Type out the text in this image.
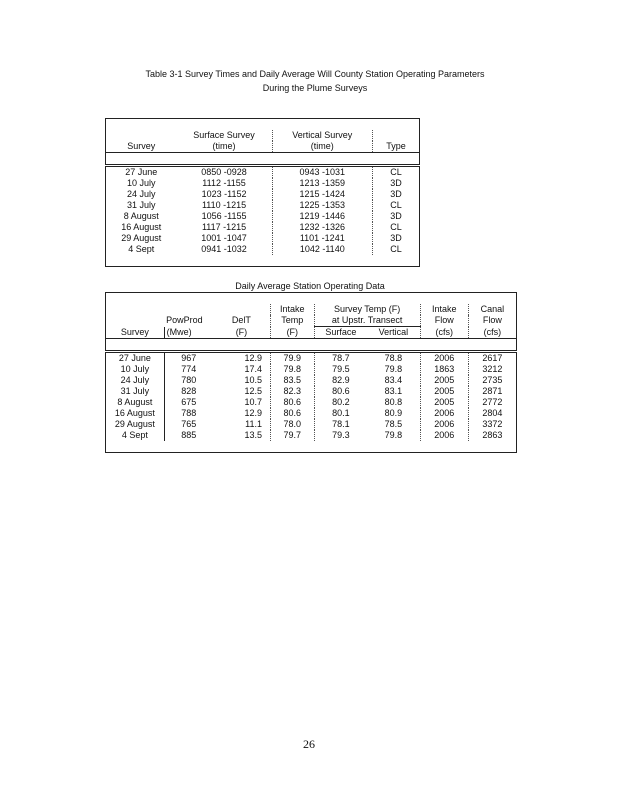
Table 3-1 Survey Times and Daily Average Will County Station Operating Parameters
During the Plume Surveys

	Surface Survey	Vertical Survey	
Survey	(time)	(time)	Type

27 June	0850 -0928	0943 -1031	CL
10 July	1112 -1155	1213 -1359	3D
24 July	1023 -1152	1215 -1424	3D
31 July	1110 -1215	1225 -1353	CL
8 August	1056 -1155	1219 -1446	3D
16 August	1117 -1215	1232 -1326	CL
29 August	1001 -1047	1101 -1241	3D
4 Sept	0941 -1032	1042 -1140	CL

Daily Average Station Operating Data

			Intake	Survey Temp (F)		Intake	Canal
	PowProd	DelT	Temp	at Upstr. Transect		Flow	Flow
Survey	(Mwe)	(F)	(F)	Surface	Vertical	(cfs)	(cfs)

27 June	967	12.9	79.9	78.7	78.8	2006	2617
10 July	774	17.4	79.8	79.5	79.8	1863	3212
24 July	780	10.5	83.5	82.9	83.4	2005	2735
31 July	828	12.5	82.3	80.6	83.1	2005	2871
8 August	675	10.7	80.6	80.2	80.8	2005	2772
16 August	788	12.9	80.6	80.1	80.9	2006	2804
29 August	765	11.1	78.0	78.1	78.5	2006	3372
4 Sept	885	13.5	79.7	79.3	79.8	2006	2863

26
